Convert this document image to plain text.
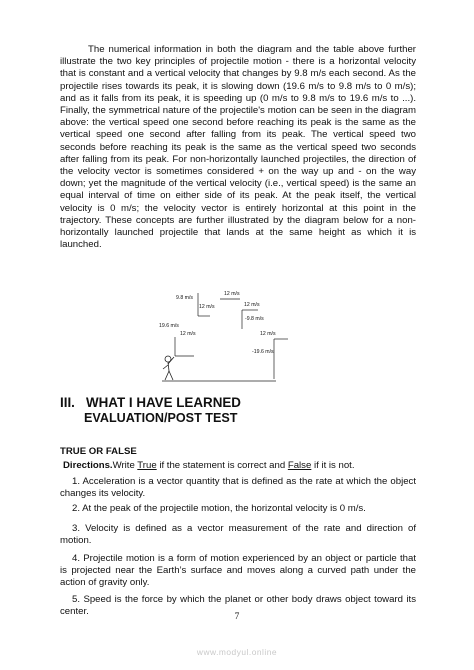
The numerical information in both the diagram and the table above further illustrate the two key principles of projectile motion - there is a horizontal velocity that is constant and a vertical velocity that changes by 9.8 m/s each second. As the projectile rises towards its peak, it is slowing down (19.6 m/s to 9.8 m/s to 0 m/s); and as it falls from its peak, it is speeding up (0 m/s to 9.8 m/s to 19.6 m/s to ...). Finally, the symmetrical nature of the projectile's motion can be seen in the diagram above: the vertical speed one second before reaching its peak is the same as the vertical speed one second after falling from its peak. The vertical speed two seconds before reaching its peak is the same as the vertical speed two seconds after falling from its peak. For non-horizontally launched projectiles, the direction of the velocity vector is sometimes considered + on the way up and - on the way down; yet the magnitude of the vertical velocity (i.e., vertical speed) is the same an equal interval of time on either side of its peak. At the peak itself, the vertical velocity is 0 m/s; the velocity vector is entirely horizontal at this point in the trajectory. These concepts are further illustrated by the diagram below for a non-horizontally launched projectile that lands at the same height as which it is launched.

9.8 m/s
12 m/s
12 m/s
12 m/s
-9.8 m/s
19.6 m/s
12 m/s	12 m/s
-19.6 m/s

III. WHAT I HAVE LEARNED

EVALUATION/POST TEST

TRUE OR FALSE

Directions.Write True if the statement is correct and False if it is not.

1. Acceleration is a vector quantity that is defined as the rate at which the object changes its velocity.

2. At the peak of the projectile motion, the horizontal velocity is 0 m/s.

3. Velocity is defined as a vector measurement of the rate and direction of motion.

4. Projectile motion is a form of motion experienced by an object or particle that is projected near the Earth’s surface and moves along a curved path under the action of gravity only.

5. Speed is the force by which the planet or other body draws object toward its center.	7

www.modyul.online
